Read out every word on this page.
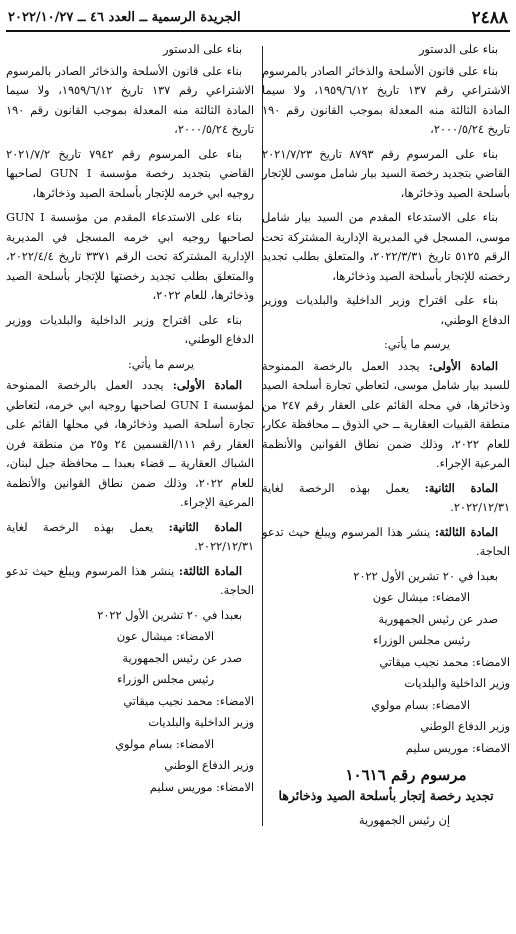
٢٤٨٨
الجريدة الرسمية ــ العدد ٤٦ ــ ٢٠٢٢/١٠/٢٧
بناء على الدستور
بناء على قانون الأسلحة والذخائر الصادر بالمرسوم الاشتراعي رقم ١٣٧ تاريخ ١٩٥٩/٦/١٢، ولا سيما المادة الثالثة منه المعدلة بموجب القانون رقم ١٩٠ تاريخ ٢٠٠٠/٥/٢٤،
بناء على المرسوم رقم ٨٧٩٣ تاريخ ٢٠٢١/٧/٢٣ القاضي بتجديد رخصة السيد بيار شامل موسى للإتجار بأسلحة الصيد وذخائرها،
بناء على الاستدعاء المقدم من السيد بيار شامل موسى، المسجل في المديرية الإدارية المشتركة تحت الرقم ٥١٢٥ تاريخ ٢٠٢٢/٣/٣١، والمتعلق بطلب تجديد رخصته للإتجار بأسلحة الصيد وذخائرها،
بناء على اقتراح وزير الداخلية والبلديات ووزير الدفاع الوطني،
يرسم ما يأتي:
المادة الأولى: يجدد العمل بالرخصة الممنوحة للسيد بيار شامل موسى، لتعاطي تجارة أسلحة الصيد وذخائرها، في محله القائم على العقار رقم ٢٤٧ من منطقة القبيات العقارية ــ حي الذوق ــ محافظة عكار، للعام ٢٠٢٢، وذلك ضمن نطاق القوانين والأنظمة المرعية الإجراء.
المادة الثانية: يعمل بهذه الرخصة لغاية ٢٠٢٢/١٢/٣١.
المادة الثالثة: ينشر هذا المرسوم ويبلغ حيث تدعو الحاجة.
بعبدا في ٢٠ تشرين الأول ٢٠٢٢
الامضاء: ميشال عون
صدر عن رئيس الجمهورية
رئيس مجلس الوزراء
الامضاء: محمد نجيب ميقاتي
وزير الداخلية والبلديات
الامضاء: بسام مولوي
وزير الدفاع الوطني
الامضاء: موريس سليم
مرسوم رقم ١٠٦١٦
تجديد رخصة إتجار بأسلحة الصيد وذخائرها
إن رئيس الجمهورية
بناء على الدستور
بناء على قانون الأسلحة والذخائر الصادر بالمرسوم الاشتراعي رقم ١٣٧ تاريخ ١٩٥٩/٦/١٢، ولا سيما المادة الثالثة منه المعدلة بموجب القانون رقم ١٩٠ تاريخ ٢٠٠٠/٥/٢٤،
بناء على المرسوم رقم ٧٩٤٢ تاريخ ٢٠٢١/٧/٢ القاضي بتجديد رخصة مؤسسة GUN I لصاحبها روجيه ابي خرمه للإتجار بأسلحة الصيد وذخائرها،
بناء على الاستدعاء المقدم من مؤسسة GUN I لصاحبها روجيه ابي خرمه المسجل في المديرية الإدارية المشتركة تحت الرقم ٣٣٧١ تاريخ ٢٠٢٢/٤/٤، والمتعلق بطلب تجديد رخصتها للإتجار بأسلحة الصيد وذخائرها، للعام ٢٠٢٢،
بناء على اقتراح وزير الداخلية والبلديات ووزير الدفاع الوطني،
يرسم ما يأتي:
المادة الأولى: يجدد العمل بالرخصة الممنوحة لمؤسسة GUN I لصاحبها روجيه ابي خرمه، لتعاطي تجارة أسلحة الصيد وذخائرها، في محلها القائم على العقار رقم ١١١/القسمين ٢٤ و٢٥ من منطقة فرن الشباك العقارية ــ قضاء بعبدا ــ محافظة جبل لبنان، للعام ٢٠٢٢، وذلك ضمن نطاق القوانين والأنظمة المرعية الإجراء.
المادة الثانية: يعمل بهذه الرخصة لغاية ٢٠٢٢/١٢/٣١.
المادة الثالثة: ينشر هذا المرسوم ويبلغ حيث تدعو الحاجة.
بعبدا في ٢٠ تشرين الأول ٢٠٢٢
الامضاء: ميشال عون
صدر عن رئيس الجمهورية
رئيس مجلس الوزراء
الامضاء: محمد نجيب ميقاتي
وزير الداخلية والبلديات
الامضاء: بسام مولوي
وزير الدفاع الوطني
الامضاء: موريس سليم
